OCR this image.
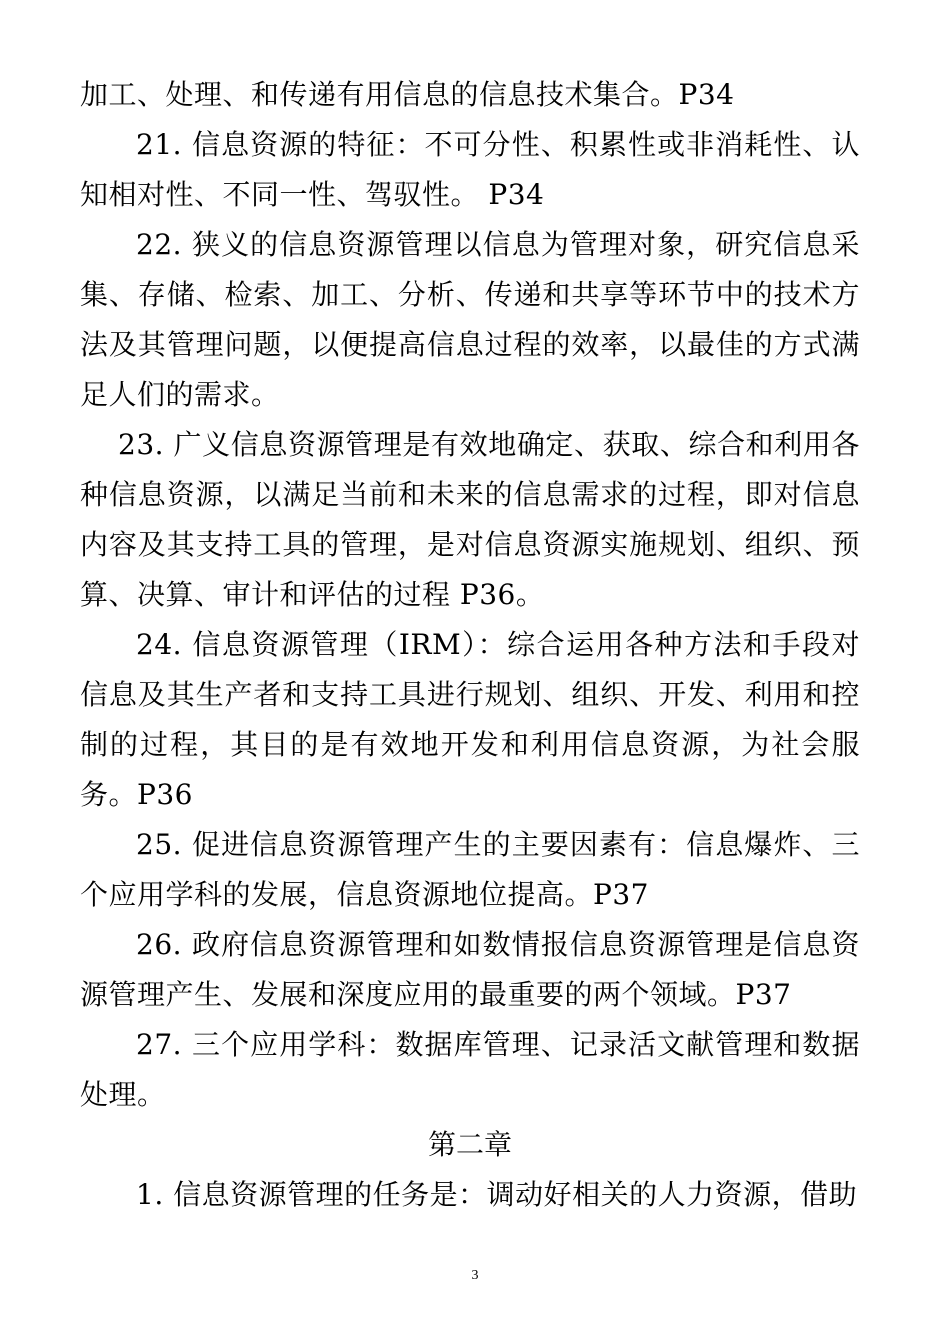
加工、处理、和传递有用信息的信息技术集合。P34

21. 信息资源的特征：不可分性、积累性或非消耗性、认知相对性、不同一性、驾驭性。 P34

22. 狭义的信息资源管理以信息为管理对象，研究信息采集、存储、检索、加工、分析、传递和共享等环节中的技术方法及其管理问题，以便提高信息过程的效率，以最佳的方式满足人们的需求。

23. 广义信息资源管理是有效地确定、获取、综合和利用各种信息资源，以满足当前和未来的信息需求的过程，即对信息内容及其支持工具的管理，是对信息资源实施规划、组织、预算、决算、审计和评估的过程 P36。

24. 信息资源管理（IRM）：综合运用各种方法和手段对信息及其生产者和支持工具进行规划、组织、开发、利用和控制的过程，其目的是有效地开发和利用信息资源，为社会服务。P36

25. 促进信息资源管理产生的主要因素有：信息爆炸、三个应用学科的发展，信息资源地位提高。P37

26. 政府信息资源管理和如数情报信息资源管理是信息资源管理产生、发展和深度应用的最重要的两个领域。P37

27. 三个应用学科：数据库管理、记录活文献管理和数据处理。

第二章

1. 信息资源管理的任务是：调动好相关的人力资源，借助

3
